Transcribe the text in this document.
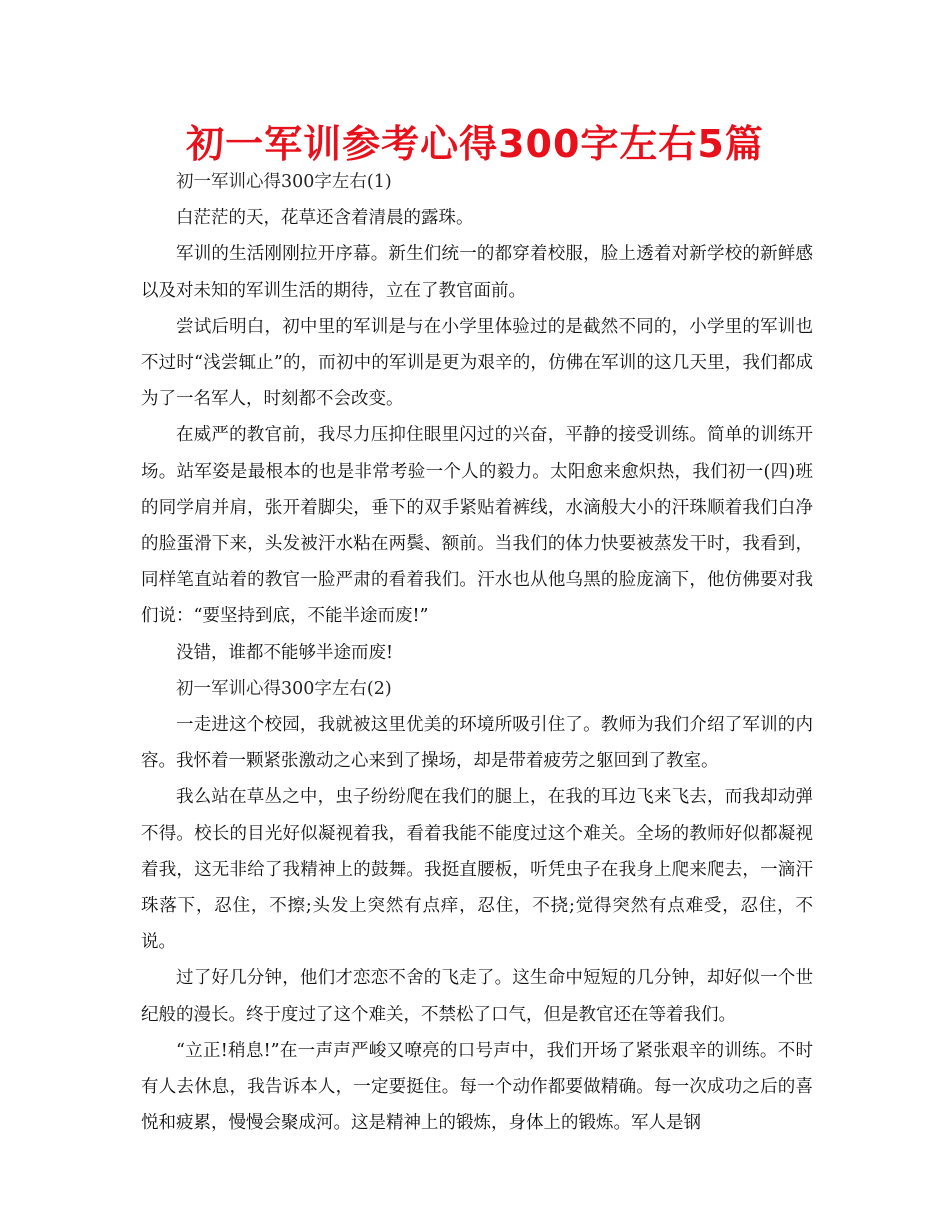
初一军训参考心得300字左右5篇

初一军训心得300字左右(1)

白茫茫的天，花草还含着清晨的露珠。

军训的生活刚刚拉开序幕。新生们统一的都穿着校服，脸上透着对新学校的新鲜感以及对未知的军训生活的期待，立在了教官面前。

尝试后明白，初中里的军训是与在小学里体验过的是截然不同的，小学里的军训也不过时“浅尝辄止”的，而初中的军训是更为艰辛的，仿佛在军训的这几天里，我们都成为了一名军人，时刻都不会改变。

在威严的教官前，我尽力压抑住眼里闪过的兴奋，平静的接受训练。简单的训练开场。站军姿是最根本的也是非常考验一个人的毅力。太阳愈来愈炽热，我们初一(四)班的同学肩并肩，张开着脚尖，垂下的双手紧贴着裤线，水滴般大小的汗珠顺着我们白净的脸蛋滑下来，头发被汗水粘在两鬓、额前。当我们的体力快要被蒸发干时，我看到，同样笔直站着的教官一脸严肃的看着我们。汗水也从他乌黑的脸庞滴下，他仿佛要对我们说：“要坚持到底，不能半途而废!”

没错，谁都不能够半途而废!

初一军训心得300字左右(2)

一走进这个校园，我就被这里优美的环境所吸引住了。教师为我们介绍了军训的内容。我怀着一颗紧张激动之心来到了操场，却是带着疲劳之躯回到了教室。

我么站在草丛之中，虫子纷纷爬在我们的腿上，在我的耳边飞来飞去，而我却动弹不得。校长的目光好似凝视着我，看着我能不能度过这个难关。全场的教师好似都凝视着我，这无非给了我精神上的鼓舞。我挺直腰板，听凭虫子在我身上爬来爬去，一滴汗珠落下，忍住，不擦;头发上突然有点痒，忍住，不挠;觉得突然有点难受，忍住，不说。

过了好几分钟，他们才恋恋不舍的飞走了。这生命中短短的几分钟，却好似一个世纪般的漫长。终于度过了这个难关，不禁松了口气，但是教官还在等着我们。

“立正!稍息!”在一声声严峻又嘹亮的口号声中，我们开场了紧张艰辛的训练。不时有人去休息，我告诉本人，一定要挺住。每一个动作都要做精确。每一次成功之后的喜悦和疲累，慢慢会聚成河。这是精神上的锻炼，身体上的锻炼。军人是钢
